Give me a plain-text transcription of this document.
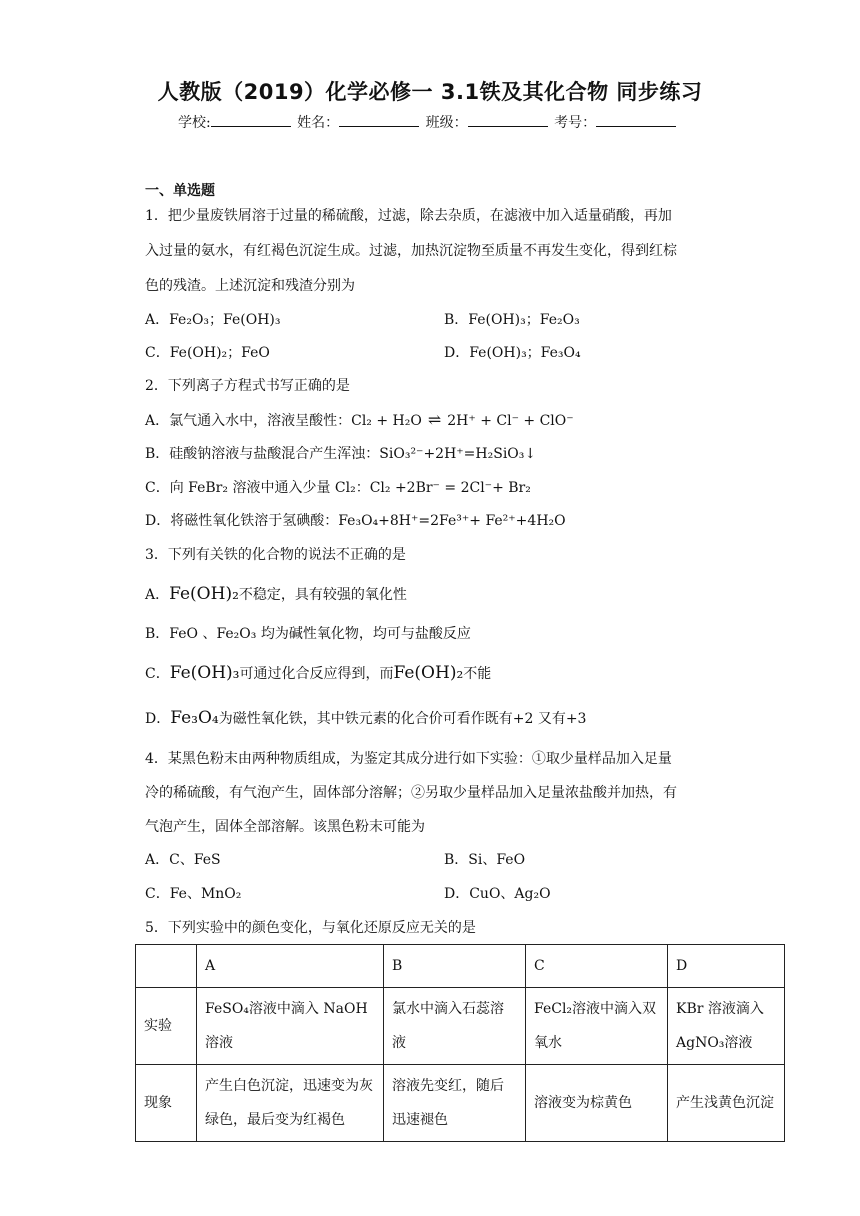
人教版（2019）化学必修一 3.1铁及其化合物 同步练习
学校:	姓名：	班级：	考号：
一、单选题
1．把少量废铁屑溶于过量的稀硫酸，过滤，除去杂质，在滤液中加入适量硝酸，再加
入过量的氨水，有红褐色沉淀生成。过滤，加热沉淀物至质量不再发生变化，得到红棕
色的残渣。上述沉淀和残渣分别为
A．Fe₂O₃；Fe(OH)₃	B．Fe(OH)₃；Fe₂O₃
C．Fe(OH)₂；FeO	D．Fe(OH)₃；Fe₃O₄
2．下列离子方程式书写正确的是
A．氯气通入水中，溶液呈酸性：Cl₂ + H₂O ⇌ 2H⁺ + Cl⁻ + ClO⁻
B．硅酸钠溶液与盐酸混合产生浑浊：SiO₃²⁻+2H⁺=H₂SiO₃↓
C．向 FeBr₂ 溶液中通入少量 Cl₂：Cl₂ +2Br⁻ = 2Cl⁻+ Br₂
D．将磁性氧化铁溶于氢碘酸：Fe₃O₄+8H⁺=2Fe³⁺+ Fe²⁺+4H₂O
3．下列有关铁的化合物的说法不正确的是
A．Fe(OH)₂不稳定，具有较强的氧化性
B．FeO 、Fe₂O₃ 均为碱性氧化物，均可与盐酸反应
C．Fe(OH)₃可通过化合反应得到，而Fe(OH)₂不能
D．Fe₃O₄为磁性氧化铁，其中铁元素的化合价可看作既有+2 又有+3
4．某黑色粉末由两种物质组成，为鉴定其成分进行如下实验：①取少量样品加入足量
冷的稀硫酸，有气泡产生，固体部分溶解；②另取少量样品加入足量浓盐酸并加热，有
气泡产生，固体全部溶解。该黑色粉末可能为
A．C、FeS	B．Si、FeO
C．Fe、MnO₂	D．CuO、Ag₂O
5．下列实验中的颜色变化，与氧化还原反应无关的是
	A	B	C	D
实验	FeSO₄溶液中滴入 NaOH 溶液	氯水中滴入石蕊溶液	FeCl₂溶液中滴入双氧水	KBr 溶液滴入 AgNO₃溶液
现象	产生白色沉淀，迅速变为灰绿色，最后变为红褐色	溶液先变红，随后迅速褪色	溶液变为棕黄色	产生浅黄色沉淀
